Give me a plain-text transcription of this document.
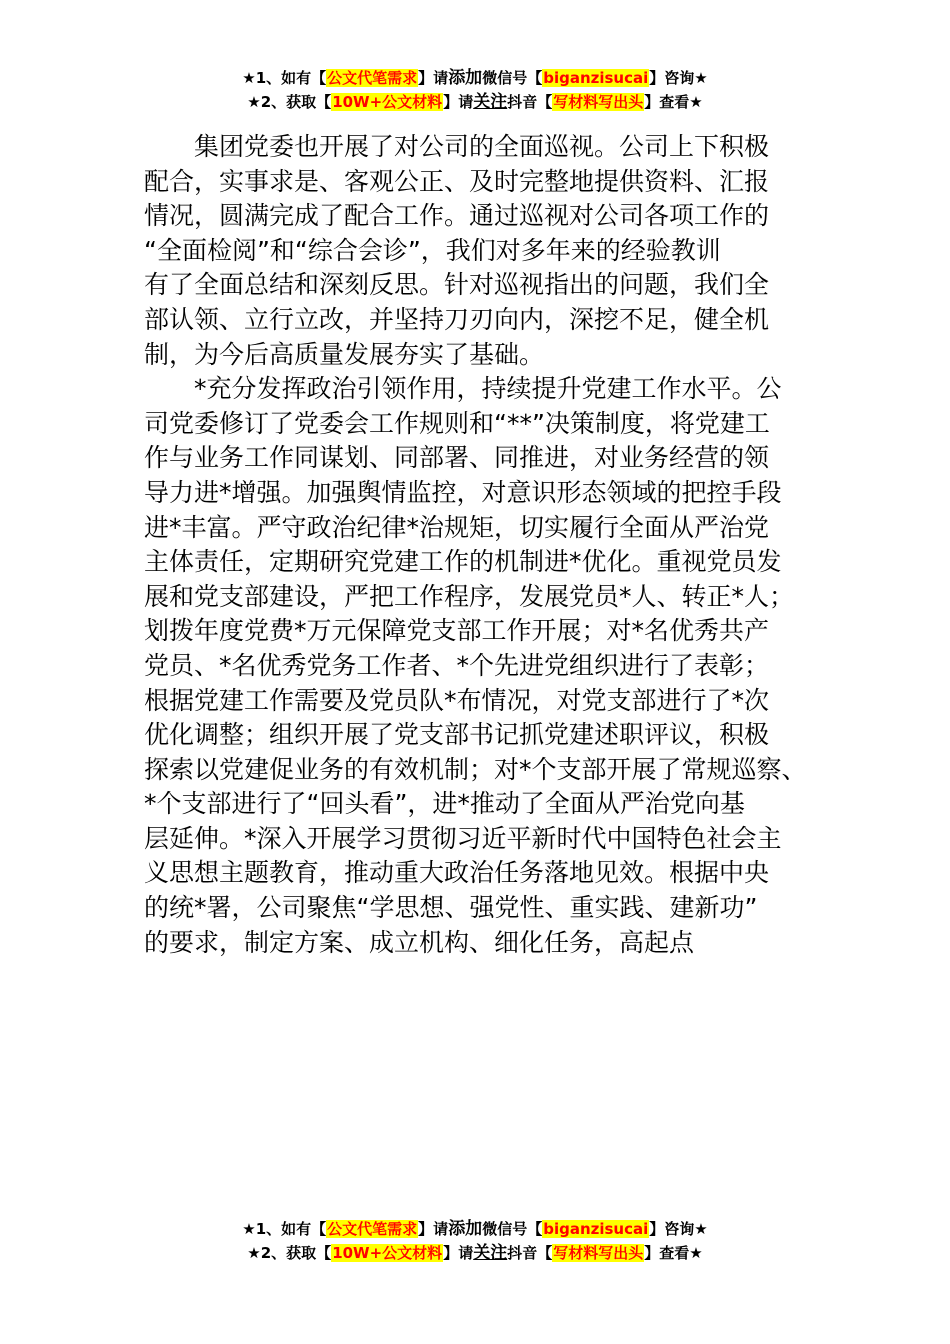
★1、如有【公文代笔需求】请添加微信号【biganzisucai】咨询★
★2、获取【10W+公文材料】请关注抖音【写材料写出头】查看★
集团党委也开展了对公司的全面巡视。公司上下积极
配合，实事求是、客观公正、及时完整地提供资料、汇报
情况，圆满完成了配合工作。通过巡视对公司各项工作的
“全面检阅”和“综合会诊”，我们对多年来的经验教训
有了全面总结和深刻反思。针对巡视指出的问题，我们全
部认领、立行立改，并坚持刀刃向内，深挖不足，健全机
制，为今后高质量发展夯实了基础。
*充分发挥政治引领作用，持续提升党建工作水平。公
司党委修订了党委会工作规则和“**”决策制度，将党建工
作与业务工作同谋划、同部署、同推进，对业务经营的领
导力进*增强。加强舆情监控，对意识形态领域的把控手段
进*丰富。严守政治纪律*治规矩，切实履行全面从严治党
主体责任，定期研究党建工作的机制进*优化。重视党员发
展和党支部建设，严把工作程序，发展党员*人、转正*人；
划拨年度党费*万元保障党支部工作开展；对*名优秀共产
党员、*名优秀党务工作者、*个先进党组织进行了表彰；
根据党建工作需要及党员队*布情况，对党支部进行了*次
优化调整；组织开展了党支部书记抓党建述职评议，积极
探索以党建促业务的有效机制；对*个支部开展了常规巡察、
*个支部进行了“回头看”，进*推动了全面从严治党向基
层延伸。*深入开展学习贯彻习近平新时代中国特色社会主
义思想主题教育，推动重大政治任务落地见效。根据中央
的统*署，公司聚焦“学思想、强党性、重实践、建新功”
的要求，制定方案、成立机构、细化任务，高起点
★1、如有【公文代笔需求】请添加微信号【biganzisucai】咨询★
★2、获取【10W+公文材料】请关注抖音【写材料写出头】查看★
